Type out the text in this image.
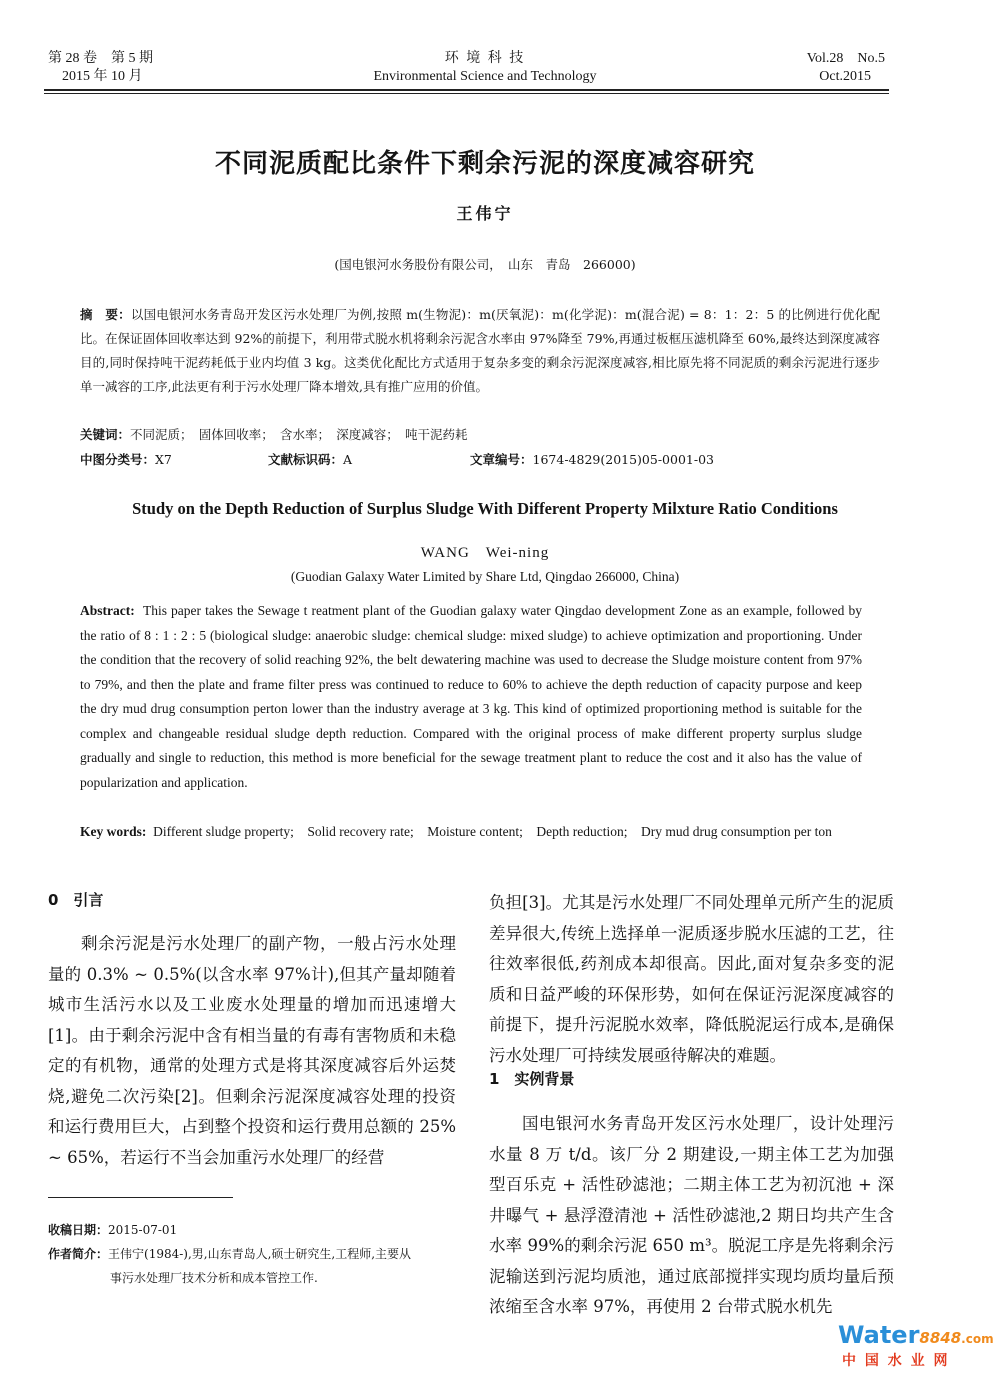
第 28 卷　第 5 期
2015 年 10 月
环 境 科 技
Environmental Science and Technology
Vol.28　No.5
Oct.2015
不同泥质配比条件下剩余污泥的深度减容研究
王伟宁
(国电银河水务股份有限公司，　山东　青岛　266000)
摘　要：以国电银河水务青岛开发区污水处理厂为例,按照 m(生物泥)：m(厌氧泥)：m(化学泥)：m(混合泥) = 8：1：2：5 的比例进行优化配比。在保证固体回收率达到 92%的前提下，利用带式脱水机将剩余污泥含水率由 97%降至 79%,再通过板框压滤机降至 60%,最终达到深度减容目的,同时保持吨干泥药耗低于业内均值 3 kg。这类优化配比方式适用于复杂多变的剩余污泥深度减容,相比原先将不同泥质的剩余污泥进行逐步单一减容的工序,此法更有利于污水处理厂降本增效,具有推广应用的价值。
关键词：不同泥质；　固体回收率；　含水率；　深度减容；　吨干泥药耗
中图分类号：X7	文献标识码：A	文章编号：1674-4829(2015)05-0001-03
Study on the Depth Reduction of Surplus Sludge With Different Property Milxture Ratio Conditions
WANG　Wei-ning
(Guodian Galaxy Water Limited by Share Ltd, Qingdao 266000, China)
Abstract: This paper takes the Sewage t reatment plant of the Guodian galaxy water Qingdao development Zone as an example, followed by the ratio of 8 : 1 : 2 : 5 (biological sludge: anaerobic sludge: chemical sludge: mixed sludge) to achieve optimization and proportioning. Under the condition that the recovery of solid reaching 92%, the belt dewatering machine was used to decrease the Sludge moisture content from 97% to 79%, and then the plate and frame filter press was continued to reduce to 60% to achieve the depth reduction of capacity purpose and keep the dry mud drug consumption perton lower than the industry average at 3 kg. This kind of optimized proportioning method is suitable for the complex and changeable residual sludge depth reduction. Compared with the original process of make different property surplus sludge gradually and single to reduction, this method is more beneficial for the sewage treatment plant to reduce the cost and it also has the value of popularization and application.
Key words: Different sludge property;　Solid recovery rate;　Moisture content;　Depth reduction;　Dry mud drug consumption per ton
0　引言

剩余污泥是污水处理厂的副产物，一般占污水处理量的 0.3% ~ 0.5%(以含水率 97%计),但其产量却随着城市生活污水以及工业废水处理量的增加而迅速增大[1]。由于剩余污泥中含有相当量的有毒有害物质和未稳定的有机物，通常的处理方式是将其深度减容后外运焚烧,避免二次污染[2]。但剩余污泥深度减容处理的投资和运行费用巨大，占到整个投资和运行费用总额的 25% ~ 65%，若运行不当会加重污水处理厂的经营

收稿日期：2015-07-01
作者简介：王伟宁(1984-),男,山东青岛人,硕士研究生,工程师,主要从
事污水处理厂技术分析和成本管控工作.

负担[3]。尤其是污水处理厂不同处理单元所产生的泥质差异很大,传统上选择单一泥质逐步脱水压滤的工艺，往往效率很低,药剂成本却很高。因此,面对复杂多变的泥质和日益严峻的环保形势，如何在保证污泥深度减容的前提下，提升污泥脱水效率，降低脱泥运行成本,是确保污水处理厂可持续发展亟待解决的难题。

1　实例背景

国电银河水务青岛开发区污水处理厂，设计处理污水量 8 万 t/d。该厂分 2 期建设,一期主体工艺为加强型百乐克 + 活性砂滤池；二期主体工艺为初沉池 + 深井曝气 + 悬浮澄清池 + 活性砂滤池,2 期日均共产生含水率 99%的剩余污泥 650 m³。脱泥工序是先将剩余污泥输送到污泥均质池，通过底部搅拌实现均质均量后预浓缩至含水率 97%，再使用 2 台带式脱水机先

Water8848.com
中 国 水 业 网
